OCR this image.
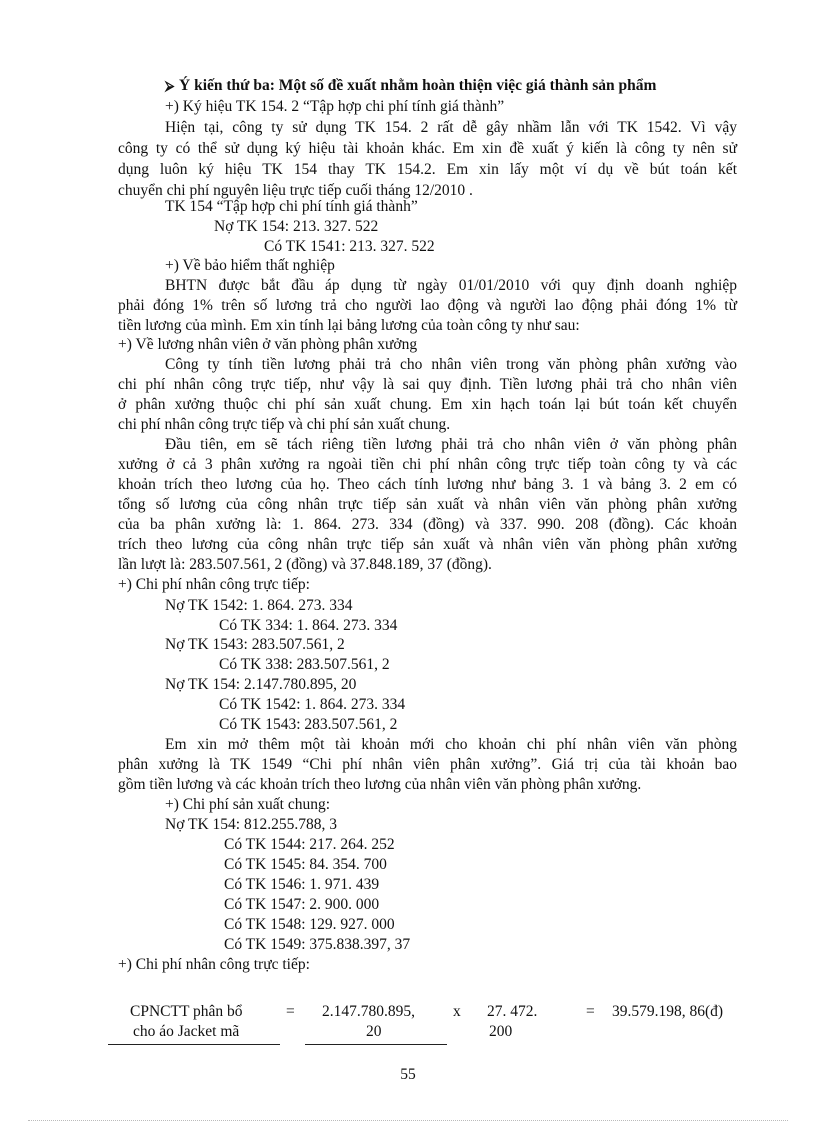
⮚ Ý kiến thứ ba: Một số đề xuất nhằm hoàn thiện việc giá thành sản phẩm
+) Ký hiệu TK 154. 2 “Tập hợp chi phí tính giá thành”
Hiện tại, công ty sử dụng TK 154. 2 rất dễ gây nhầm lẫn với TK 1542. Vì vậy
công ty có thể sử dụng ký hiệu tài khoản khác. Em xin đề xuất ý kiến là công ty nên sử
dụng luôn ký hiệu TK 154 thay TK 154.2. Em xin lấy một ví dụ về bút toán kết
chuyển chi phí nguyên liệu trực tiếp cuối tháng 12/2010 .
TK 154 “Tập hợp chi phí tính giá thành”
Nợ TK 154: 213. 327. 522
Có TK 1541: 213. 327. 522
+) Về bảo hiểm thất nghiệp
BHTN được bắt đầu áp dụng từ ngày 01/01/2010 với quy định doanh nghiệp
phải đóng 1% trên số lương trả cho người lao động và người lao động phải đóng 1% từ
tiền lương của mình. Em xin tính lại bảng lương của toàn công ty như sau:
+) Về lương nhân viên ở văn phòng phân xưởng
Công ty tính tiền lương phải trả cho nhân viên trong văn phòng phân xưởng vào
chi phí nhân công trực tiếp, như vậy là sai quy định. Tiền lương phải trả cho nhân viên
ở phân xưởng thuộc chi phí sản xuất chung. Em xin hạch toán lại bút toán kết chuyển
chi phí nhân công trực tiếp và chi phí sản xuất chung.
Đầu tiên, em sẽ tách riêng tiền lương phải trả cho nhân viên ở văn phòng phân
xưởng ở cả 3 phân xưởng ra ngoài tiền chi phí nhân công trực tiếp toàn công ty và các
khoản trích theo lương của họ. Theo cách tính lương như bảng 3. 1 và bảng 3. 2 em có
tổng số lương của công nhân trực tiếp sản xuất và nhân viên văn phòng phân xưởng
của ba phân xưởng là: 1. 864. 273. 334 (đồng) và 337. 990. 208 (đồng). Các khoản
trích theo lương của công nhân trực tiếp sản xuất và nhân viên văn phòng phân xưởng
lần lượt là: 283.507.561, 2 (đồng) và 37.848.189, 37 (đồng).
+) Chi phí nhân công trực tiếp:
Nợ TK 1542: 1. 864. 273. 334
Có TK 334: 1. 864. 273. 334
Nợ TK 1543: 283.507.561, 2
Có TK 338: 283.507.561, 2
Nợ TK 154: 2.147.780.895, 20
Có TK 1542: 1. 864. 273. 334
Có TK 1543: 283.507.561, 2
Em xin mở thêm một tài khoản mới cho khoản chi phí nhân viên văn phòng
phân xưởng là TK 1549 “Chi phí nhân viên phân xưởng”. Giá trị của tài khoản bao
gồm tiền lương và các khoản trích theo lương của nhân viên văn phòng phân xưởng.
+) Chi phí sản xuất chung:
Nợ TK 154: 812.255.788, 3
Có TK 1544: 217. 264. 252
Có TK 1545: 84. 354. 700
Có TK 1546: 1. 971. 439
Có TK 1547: 2. 900. 000
Có TK 1548: 129. 927. 000
Có TK 1549: 375.838.397, 37
+) Chi phí nhân công trực tiếp:
CPNCTT phân bổ
cho áo Jacket mã
= 2.147.780.895,
20
x 27. 472.
200
= 39.579.198, 86(đ)
55
